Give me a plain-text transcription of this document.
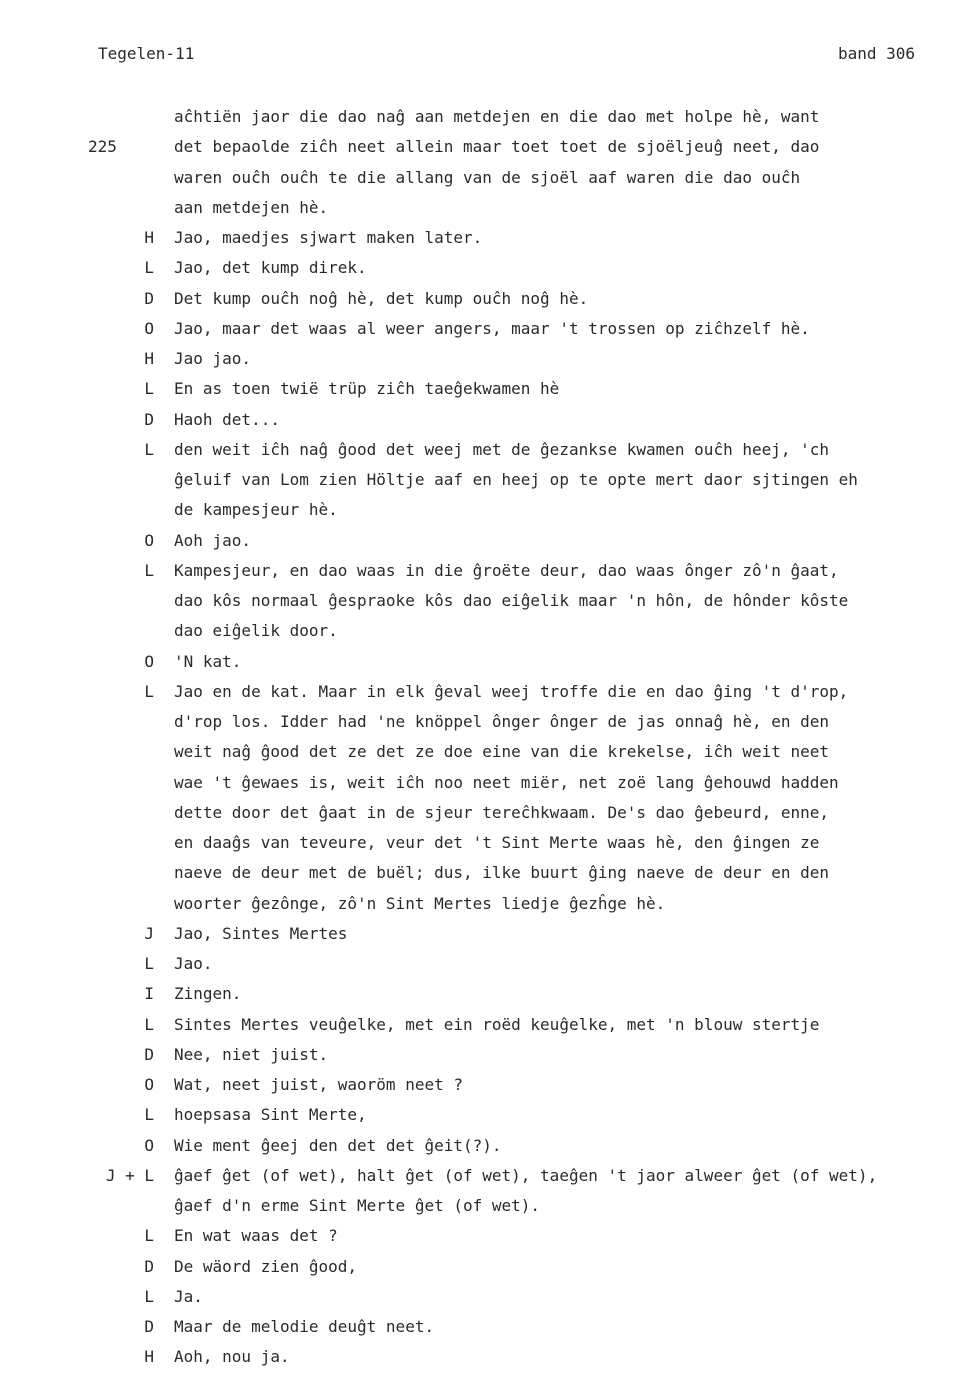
Tegelen-11	band 306
aĉhtiën jaor die dao naĝ aan metdejen en die dao met holpe hè, want
225	det bepaolde ziĉh neet allein maar toet toet de sjoëljeuĝ neet, dao
waren ouĉh ouĉh te die allang van de sjoël aaf waren die dao ouĉh
aan metdejen hè.
H Jao, maedjes sjwart maken later.
L Jao, det kump direk.
D Det kump ouĉh noĝ hè, det kump ouĉh noĝ hè.
O Jao, maar det waas al weer angers, maar 't trossen op ziĉhzelf hè.
H Jao jao.
L En as toen twië trüp ziĉh taeĝekwamen hè
D Haoh det...
L den weit iĉh naĝ ĝood det weej met de ĝezankse kwamen ouĉh heej, 'ch
ĝeluif van Lom zien Höltje aaf en heej op te opte mert daor sjtingen eh
de kampesjeur hè.
O Aoh jao.
L Kampesjeur, en dao waas in die ĝroëte deur, dao waas ônger zô'n ĝaat,
dao kôs normaal ĝespraoke kôs dao eiĝelik maar 'n hôn, de hônder kôste
dao eiĝelik door.
O 'N kat.
L Jao en de kat. Maar in elk ĝeval weej troffe die en dao ĝing 't d'rop,
d'rop los. Idder had 'ne knöppel ônger ônger de jas onnaĝ hè, en den
weit naĝ ĝood det ze det ze doe eine van die krekelse, iĉh weit neet
wae 't ĝewaes is, weit iĉh noo neet miër, net zoë lang ĝehouwd hadden
dette door det ĝaat in de sjeur tereĉhkwaam. De's dao ĝebeurd, enne,
en daaĝs van teveure, veur det 't Sint Merte waas hè, den ĝingen ze
naeve de deur met de buël; dus, ilke buurt ĝing naeve de deur en den
woorter ĝezônge, zô'n Sint Mertes liedje ĝezĥge hè.
J Jao, Sintes Mertes
L Jao.
I Zingen.
L Sintes Mertes veuĝelke, met ein roëd keuĝelke, met 'n blouw stertje
D Nee, niet juist.
O Wat, neet juist, waoröm neet ?
L hoepsasa Sint Merte,
O Wie ment ĝeej den det det ĝeit(?).
J + L ĝaef ĝet (of wet), halt ĝet (of wet), taeĝen 't jaor alweer ĝet (of wet),
ĝaef d'n erme Sint Merte ĝet (of wet).
L En wat waas det ?
D De wäord zien ĝood,
L Ja.
D Maar de melodie deuĝt neet.
H Aoh, nou ja.
